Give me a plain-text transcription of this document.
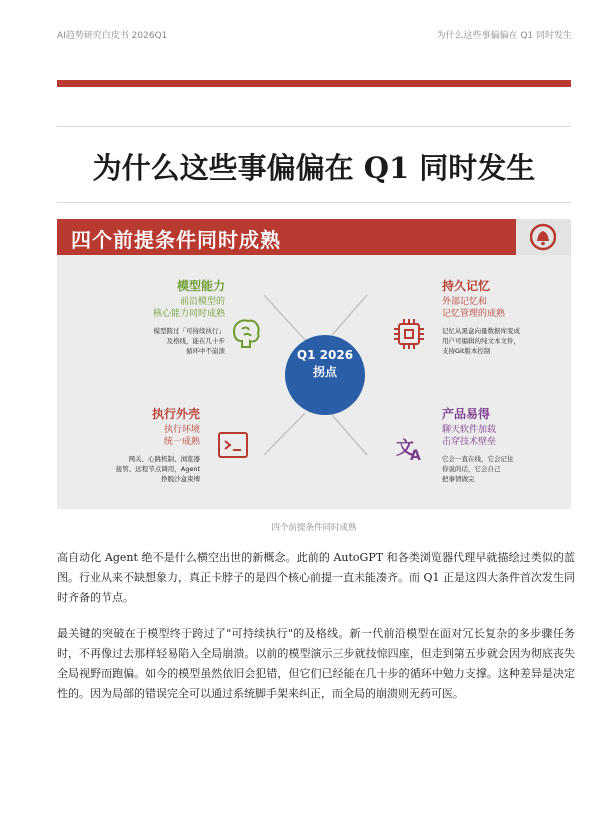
AI趋势研究白皮书 2026Q1	为什么这些事偏偏在 Q1 同时发生
为什么这些事偏偏在 Q1 同时发生
四个前提条件同时成熟
文
A
Q1 2026
拐点
模型能力
前沿模型的
核心能力同时成熟
模型跨过「可持续执行」
及格线，能在几十步
循环中不崩溃
持久记忆
外部记忆和
记忆管理的成熟
记忆从黑盒向量数据库变成
用户可编辑的纯文本文件，
支持Git版本控制
执行外壳
执行环境
统一成熟
网关、心跳机制、浏览器
接管、远程节点调用，Agent
挣脱沙盒束缚
产品易得
聊天软件加载
击穿技术壁垒
它会一直在线，它会记住
你说的话，它会自己
把事情做完
四个前提条件同时成熟

高自动化 Agent 绝不是什么横空出世的新概念。此前的 AutoGPT 和各类浏览器代理早就描绘过类似的蓝图。行业从来不缺想象力，真正卡脖子的是四个核心前提一直未能凑齐。而 Q1 正是这四大条件首次发生同时齐备的节点。

最关键的突破在于模型终于跨过了"可持续执行"的及格线。新一代前沿模型在面对冗长复杂的多步骤任务时，不再像过去那样轻易陷入全局崩溃。以前的模型演示三步就技惊四座，但走到第五步就会因为彻底丧失全局视野而跑偏。如今的模型虽然依旧会犯错，但它们已经能在几十步的循环中勉力支撑。这种差异是决定性的。因为局部的错误完全可以通过系统脚手架来纠正，而全局的崩溃则无药可医。
